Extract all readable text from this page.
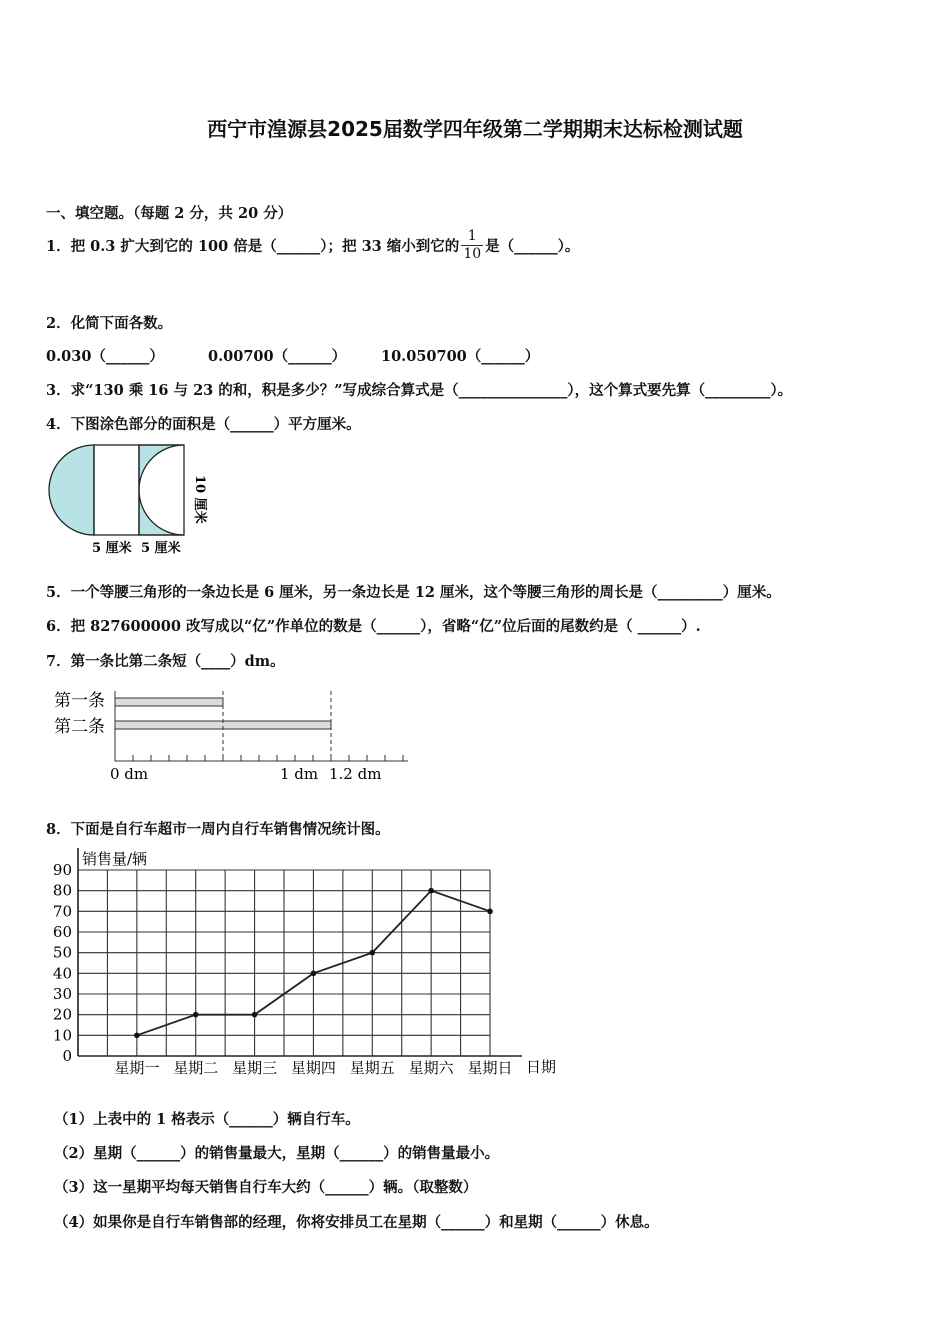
西宁市湟源县2025届数学四年级第二学期期末达标检测试题
一、填空题。（每题 2 分，共 20 分）
1．把 0.3 扩大到它的 100 倍是（______）；把 33 缩小到它的 $\frac{1}{10}$ 是（______）。
2．化简下面各数。
0.030（______）	0.00700（______） 10.050700（______）
3．求“130 乘 16 与 23 的和，积是多少？”写成综合算式是（_______________），这个算式要先算（_________）。
4．下图涂色部分的面积是（______）平方厘米。
10 厘米
5 厘米 5 厘米
5．一个等腰三角形的一条边长是 6 厘米，另一条边长是 12 厘米，这个等腰三角形的周长是（_________）厘米。
6．把 827600000 改写成以“亿”作单位的数是（______），省略“亿”位后面的尾数约是（ ______）.
7．第一条比第二条短（____）dm。
第一条
第二条
0 dm	1 dm 1.2 dm
8．下面是自行车超市一周内自行车销售情况统计图。
0
10
20
30
40
50
60
70
80
90
星期一 星期二 星期三 星期四 星期五 星期六 星期日
销售量/辆
日期
（1）上表中的 1 格表示（______）辆自行车。
（2）星期（______）的销售量最大，星期（______）的销售量最小。
（3）这一星期平均每天销售自行车大约（______）辆。（取整数）
（4）如果你是自行车销售部的经理，你将安排员工在星期（______）和星期（______）休息。
